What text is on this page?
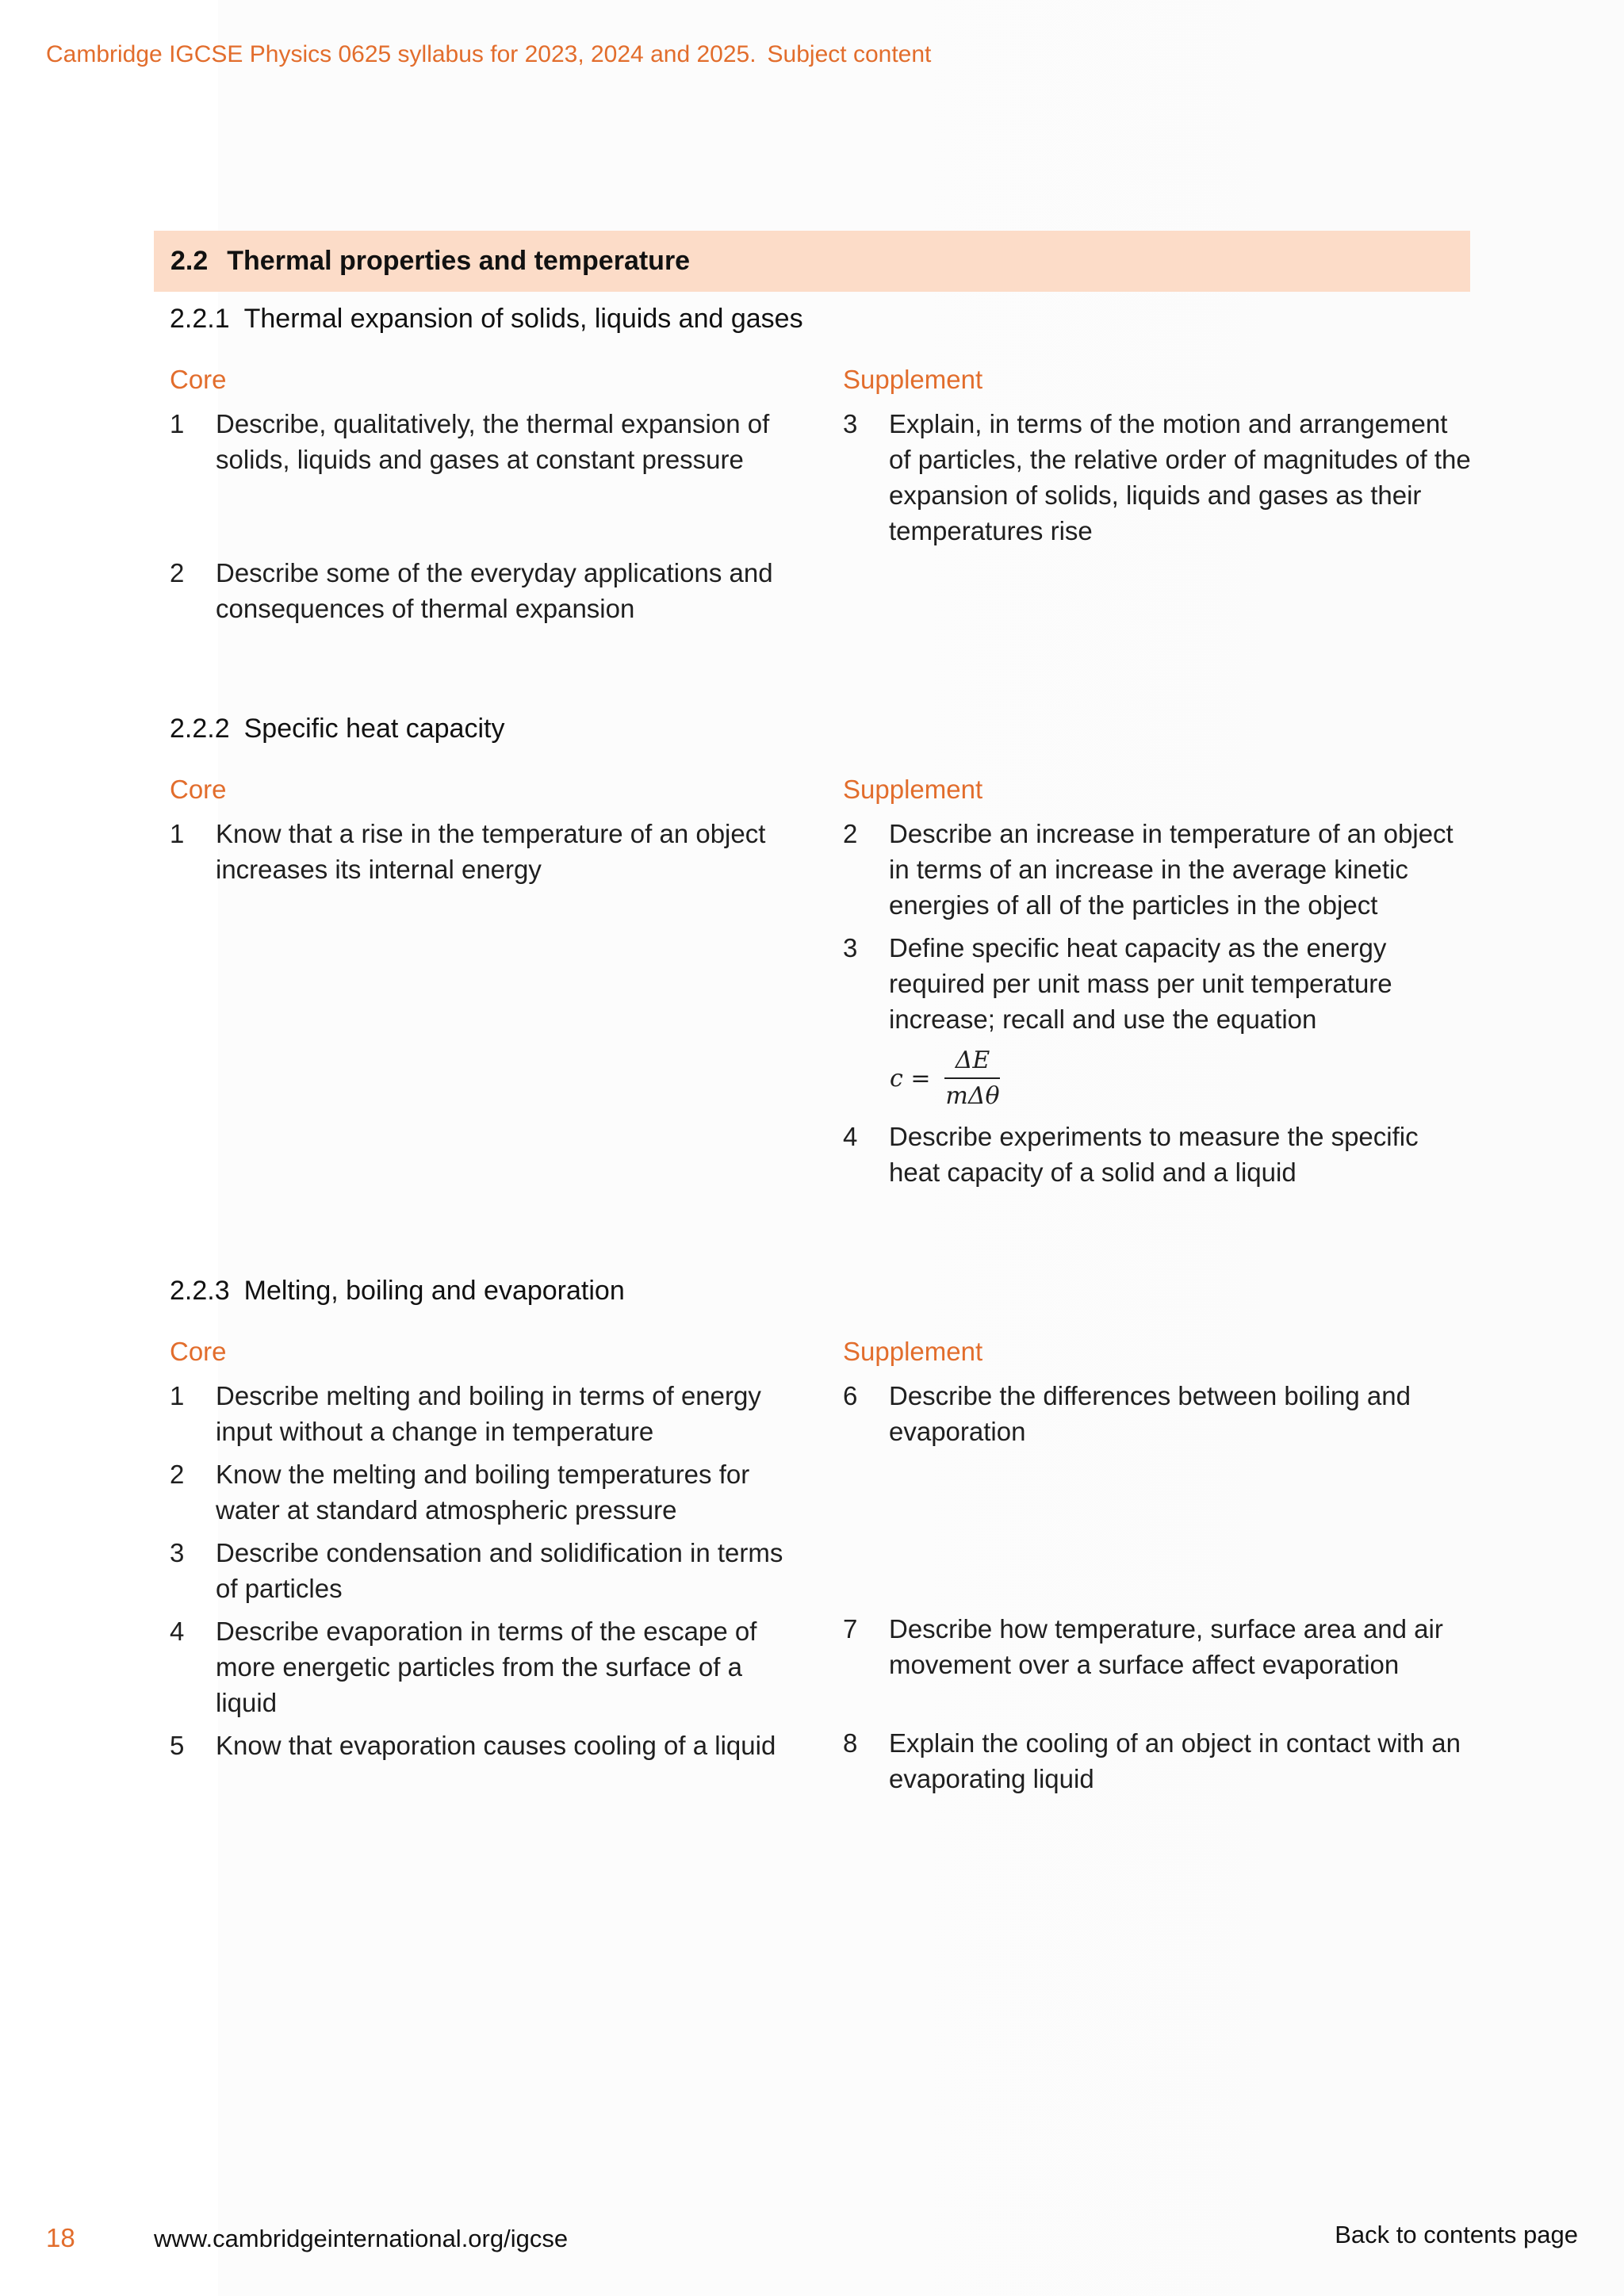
Cambridge IGCSE Physics 0625 syllabus for 2023, 2024 and 2025. Subject content
2.2 Thermal properties and temperature
2.2.1 Thermal expansion of solids, liquids and gases
Core	Supplement
1 Describe, qualitatively, the thermal expansion of solids, liquids and gases at constant pressure
2 Describe some of the everyday applications and consequences of thermal expansion
3 Explain, in terms of the motion and arrangement of particles, the relative order of magnitudes of the expansion of solids, liquids and gases as their temperatures rise
2.2.2 Specific heat capacity
Core	Supplement
1 Know that a rise in the temperature of an object increases its internal energy
2 Describe an increase in temperature of an object in terms of an increase in the average kinetic energies of all of the particles in the object
3 Define specific heat capacity as the energy required per unit mass per unit temperature increase; recall and use the equation
$c = \frac{\Delta E}{\text{mΔθ}}$
4 Describe experiments to measure the specific heat capacity of a solid and a liquid
2.2.3 Melting, boiling and evaporation
Core	Supplement
1 Describe melting and boiling in terms of energy input without a change in temperature
2 Know the melting and boiling temperatures for water at standard atmospheric pressure
3 Describe condensation and solidification in terms of particles
4 Describe evaporation in terms of the escape of more energetic particles from the surface of a liquid
5 Know that evaporation causes cooling of a liquid
6 Describe the differences between boiling and evaporation
7 Describe how temperature, surface area and air movement over a surface affect evaporation
8 Explain the cooling of an object in contact with an evaporating liquid
18	www.cambridgeinternational.org/igcse	Back to contents page
